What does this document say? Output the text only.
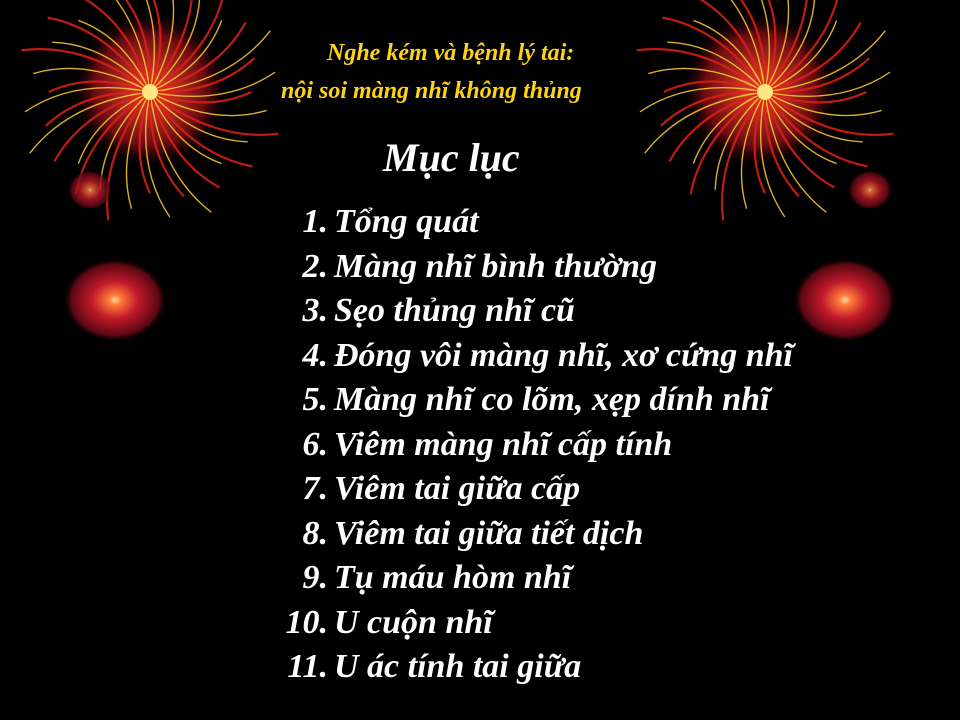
Nghe kém và bệnh lý tai:
nội soi màng nhĩ không thủng
Mục lục
1. Tổng quát
2. Màng nhĩ bình thường
3. Sẹo thủng nhĩ cũ
4. Đóng vôi màng nhĩ, xơ cứng nhĩ
5. Màng nhĩ co lõm, xẹp dính nhĩ
6. Viêm màng nhĩ cấp tính
7. Viêm tai giữa cấp
8. Viêm tai giữa tiết dịch
9. Tụ máu hòm nhĩ
10. U cuộn nhĩ
11. U ác tính tai giữa
